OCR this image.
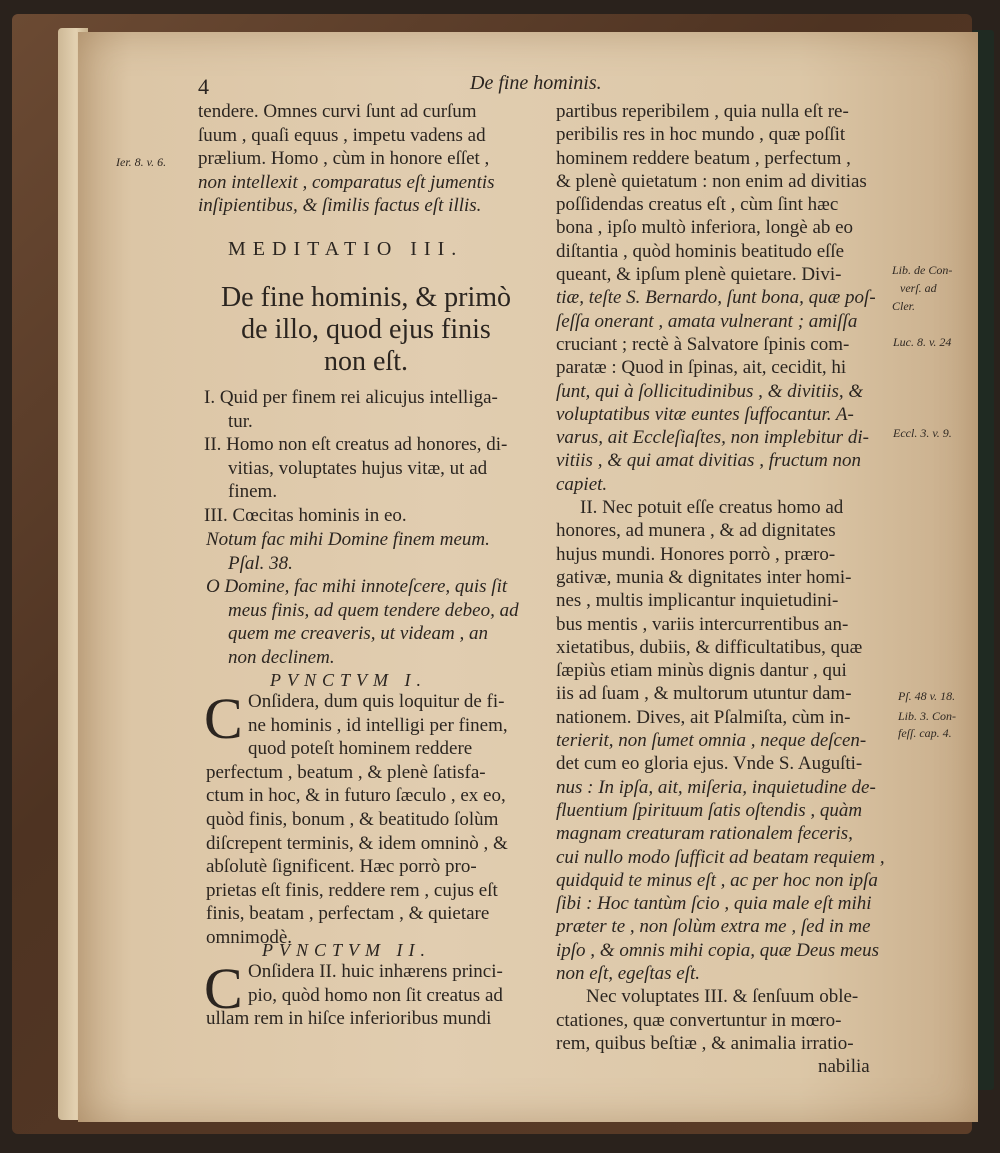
4	De fine hominis.
tendere. Omnes curvi ſunt ad curſum
ſuum , quaſi equus , impetu vadens ad
prælium. Homo , cùm in honore eſſet ,
non intellexit , comparatus eſt jumentis
inſipientibus, & ſimilis factus eſt illis.
Ier. 8. v. 6.
MEDITATIO III.
De fine hominis, & primò
de illo, quod ejus finis
non eſt.
I. Quid per finem rei alicujus intelliga-
tur.
II. Homo non eſt creatus ad honores, di-
vitias, voluptates hujus vitæ, ut ad
finem.
III. Cœcitas hominis in eo.
Notum fac mihi Domine finem meum.
Pſal. 38.
O Domine, fac mihi innoteſcere, quis ſit
meus finis, ad quem tendere debeo, ad
quem me creaveris, ut videam , an
non declinem.
PVNCTVM I.
C Onſidera, dum quis loquitur de fi-
ne hominis , id intelligi per finem,
quod poteſt hominem reddere
perfectum , beatum , & plenè ſatisfa-
ctum in hoc, & in futuro ſæculo , ex eo,
quòd finis, bonum , & beatitudo ſolùm
diſcrepent terminis, & idem omninò , &
abſolutè ſignificent. Hæc porrò pro-
prietas eſt finis, reddere rem , cujus eſt
finis, beatam , perfectam , & quietare
omnimodè.
PVNCTVM II.
C Onſidera II. huic inhærens princi-
pio, quòd homo non ſit creatus ad
ullam rem in hiſce inferioribus mundi
partibus reperibilem , quia nulla eſt re-
peribilis res in hoc mundo , quæ poſſit
hominem reddere beatum , perfectum ,
& plenè quietatum : non enim ad divitias
poſſidendas creatus eſt , cùm ſint hæc
bona , ipſo multò inferiora, longè ab eo
diſtantia , quòd hominis beatitudo eſſe
queant, & ipſum plenè quietare. Divi-
tiæ, teſte S. Bernardo, ſunt bona, quæ poſ-
ſeſſa onerant , amata vulnerant ; amiſſa
cruciant ; rectè à Salvatore ſpinis com-
paratæ : Quod in ſpinas, ait, cecidit, hi
ſunt, qui à ſollicitudinibus , & divitiis, &
voluptatibus vitæ euntes ſuffocantur. A-
varus, ait Eccleſiaſtes, non implebitur di-
vitiis , & qui amat divitias , fructum non
capiet.
II. Nec potuit eſſe creatus homo ad
honores, ad munera , & ad dignitates
hujus mundi. Honores porrò , præro-
gativæ, munia & dignitates inter homi-
nes , multis implicantur inquietudini-
bus mentis , variis intercurrentibus an-
xietatibus, dubiis, & difficultatibus, quæ
ſæpiùs etiam minùs dignis dantur , qui
iis ad ſuam , & multorum utuntur dam-
nationem. Dives, ait Pſalmiſta, cùm in-
terierit, non ſumet omnia , neque deſcen-
det cum eo gloria ejus. Vnde S. Auguſti-
nus : In ipſa, ait, miſeria, inquietudine de-
fluentium ſpirituum ſatis oſtendis , quàm
magnam creaturam rationalem feceris,
cui nullo modo ſufficit ad beatam requiem ,
quidquid te minus eſt , ac per hoc non ipſa
ſibi : Hoc tantùm ſcio , quia male eſt mihi
præter te , non ſolùm extra me , ſed in me
ipſo , & omnis mihi copia, quæ Deus meus
non eſt, egeſtas eſt.
Nec voluptates III. & ſenſuum oble-
ctationes, quæ convertuntur in mœro-
rem, quibus beſtiæ , & animalia irratio-
nabilia
Lib. de Con-
verſ. ad
Cler.
Luc. 8. v. 24
Eccl. 3. v. 9.
Pſ. 48 v. 18.
Lib. 3. Con-
feſſ. cap. 4.
